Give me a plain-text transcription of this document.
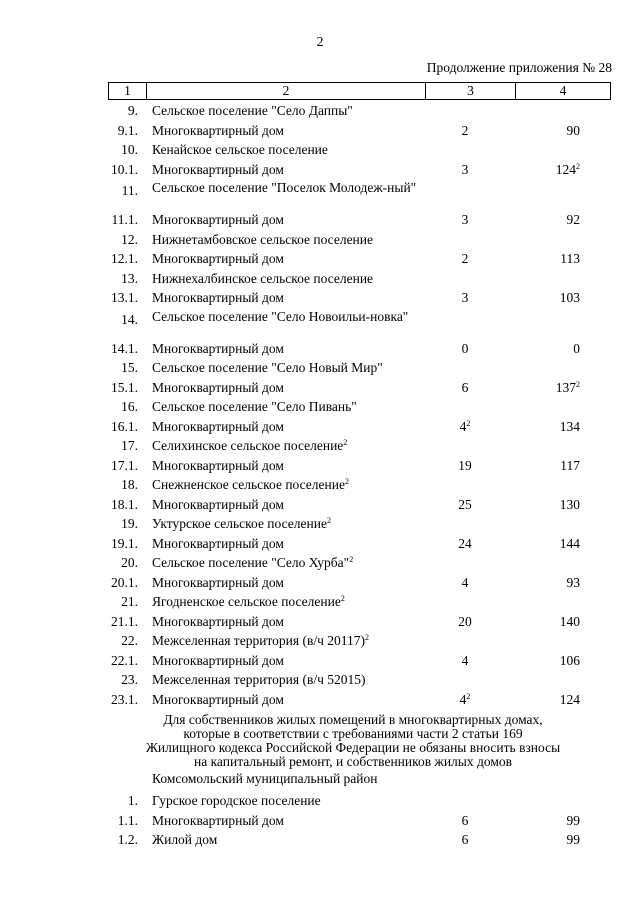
2
Продолжение приложения № 28
1	2	3	4
9. Сельское поселение "Село Даппы"
9.1. Многоквартирный дом	2	90
10. Кенайское сельское поселение
10.1. Многоквартирный дом	3	$124^2$
11. Сельское поселение "Поселок Молодеж-ный"
11.1. Многоквартирный дом	3	92
12. Нижнетамбовское сельское поселение
12.1. Многоквартирный дом	2	113
13. Нижнехалбинское сельское поселение
13.1. Многоквартирный дом	3	103
14. Сельское поселение "Село Новоильи-новка"
14.1. Многоквартирный дом	0	0
15. Сельское поселение "Село Новый Мир"
15.1. Многоквартирный дом	6	$137^2$
16. Сельское поселение "Село Пивань"
16.1. Многоквартирный дом	$4^2$	134
17. Селихинское сельское поселение$^2$
17.1. Многоквартирный дом	19	117
18. Снежненское сельское поселение$^2$
18.1. Многоквартирный дом	25	130
19. Уктурское сельское поселение$^2$
19.1. Многоквартирный дом	24	144
20. Сельское поселение "Село Хурба"$^2$
20.1. Многоквартирный дом	4	93
21. Ягодненское сельское поселение$^2$
21.1. Многоквартирный дом	20	140
22. Межселенная территория (в/ч 20117)$^2$
22.1. Многоквартирный дом	4	106
23. Межселенная территория (в/ч 52015)
23.1. Многоквартирный дом	$4^2$	124
Для собственников жилых помещений в многоквартирных домах,
которые в соответствии с требованиями части 2 статьи 169
Жилищного кодекса Российской Федерации не обязаны вносить взносы
на капитальный ремонт, и собственников жилых домов
Комсомольский муниципальный район
1. Гурское городское поселение
1.1. Многоквартирный дом	6	99
1.2. Жилой дом	6	99
